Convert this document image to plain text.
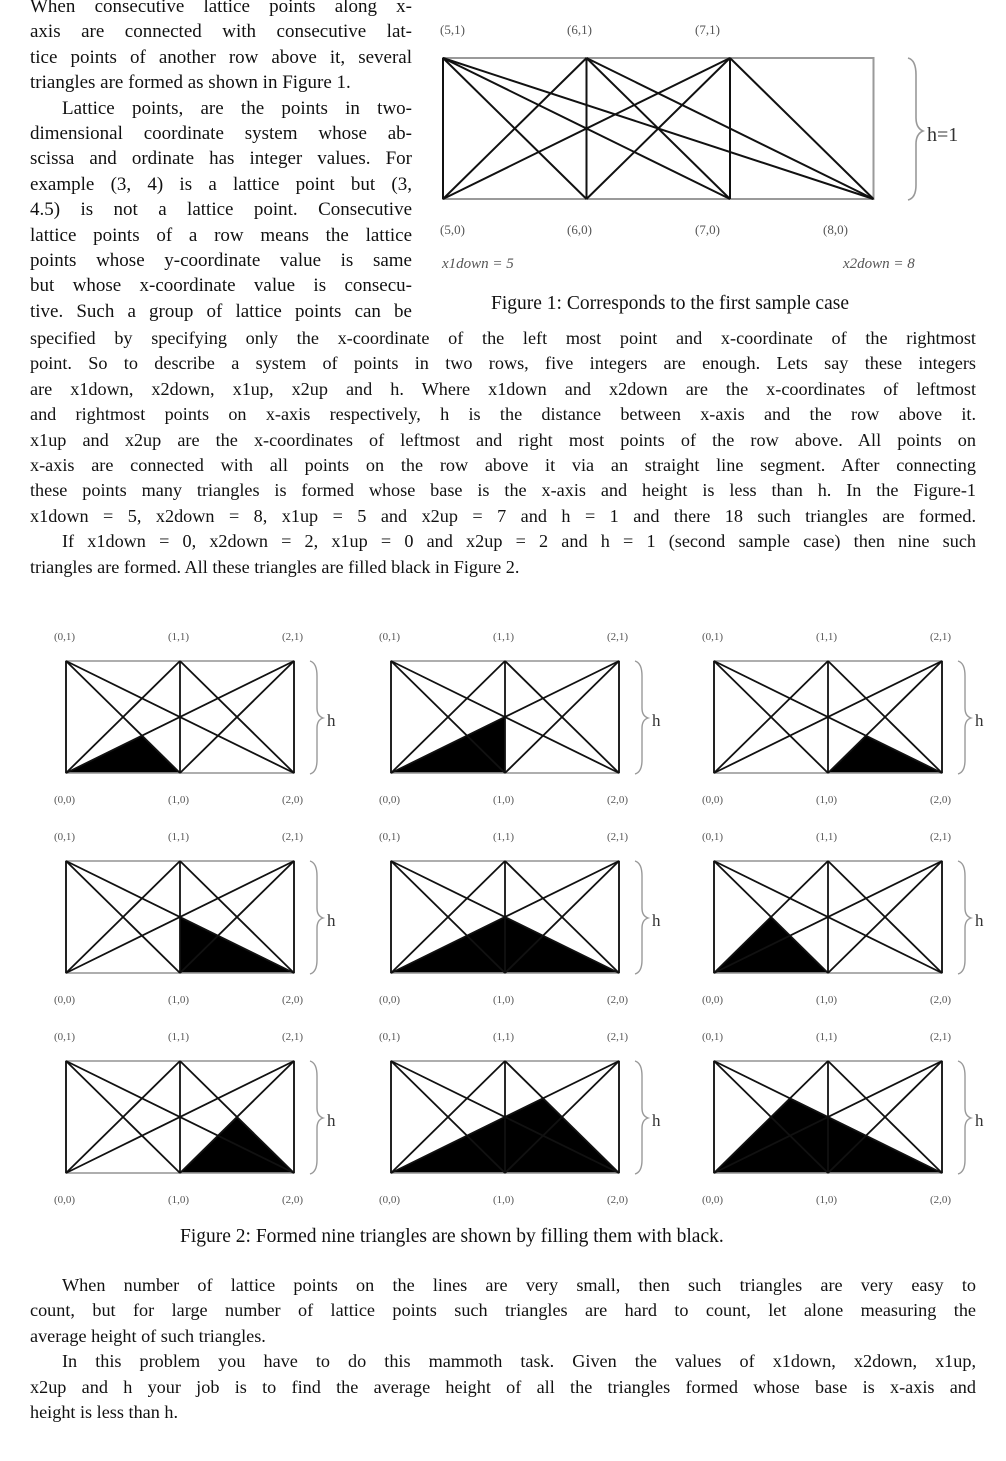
When consecutive lattice points along x-
axis are connected with consecutive lat-
tice points of another row above it, several
triangles are formed as shown in Figure 1.
Lattice points, are the points in two-
dimensional coordinate system whose ab-
scissa and ordinate has integer values. For
example (3, 4) is a lattice point but (3,
4.5) is not a lattice point. Consecutive
lattice points of a row means the lattice
points whose y-coordinate value is same
but whose x-coordinate value is consecu-
tive. Such a group of lattice points can be
(5,1)	(6,1)	(7,1)
(5,0)	(6,0)	(7,0)	(8,0)
x1down = 5	x2down = 8
h=1
Figure 1: Corresponds to the first sample case
specified by specifying only the x-coordinate of the left most point and x-coordinate of the rightmost
point. So to describe a system of points in two rows, five integers are enough. Lets say these integers
are x1down, x2down, x1up, x2up and h. Where x1down and x2down are the x-coordinates of leftmost
and rightmost points on x-axis respectively, h is the distance between x-axis and the row above it.
x1up and x2up are the x-coordinates of leftmost and right most points of the row above. All points on
x-axis are connected with all points on the row above it via an straight line segment. After connecting
these points many triangles is formed whose base is the x-axis and height is less than h. In the Figure-1
x1down = 5, x2down = 8, x1up = 5 and x2up = 7 and h = 1 and there 18 such triangles are formed.
If x1down = 0, x2down = 2, x1up = 0 and x2up = 2 and h = 1 (second sample case) then nine such
triangles are formed. All these triangles are filled black in Figure 2.
(0,1)	(1,1)	(2,1)
(0,0)	(1,0)	(2,0)
h
(0,1)	(1,1)	(2,1)
(0,0)	(1,0)	(2,0)
h
(0,1)	(1,1)	(2,1)
(0,0)	(1,0)	(2,0)
h
(0,1)	(1,1)	(2,1)
(0,0)	(1,0)	(2,0)
h
(0,1)	(1,1)	(2,1)
(0,0)	(1,0)	(2,0)
h
(0,1)	(1,1)	(2,1)
(0,0)	(1,0)	(2,0)
h
(0,1)	(1,1)	(2,1)
(0,0)	(1,0)	(2,0)
h
(0,1)	(1,1)	(2,1)
(0,0)	(1,0)	(2,0)
h
(0,1)	(1,1)	(2,1)
(0,0)	(1,0)	(2,0)
h
Figure 2: Formed nine triangles are shown by filling them with black.
When number of lattice points on the lines are very small, then such triangles are very easy to
count, but for large number of lattice points such triangles are hard to count, let alone measuring the
average height of such triangles.
In this problem you have to do this mammoth task. Given the values of x1down, x2down, x1up,
x2up and h your job is to find the average height of all the triangles formed whose base is x-axis and
height is less than h.
